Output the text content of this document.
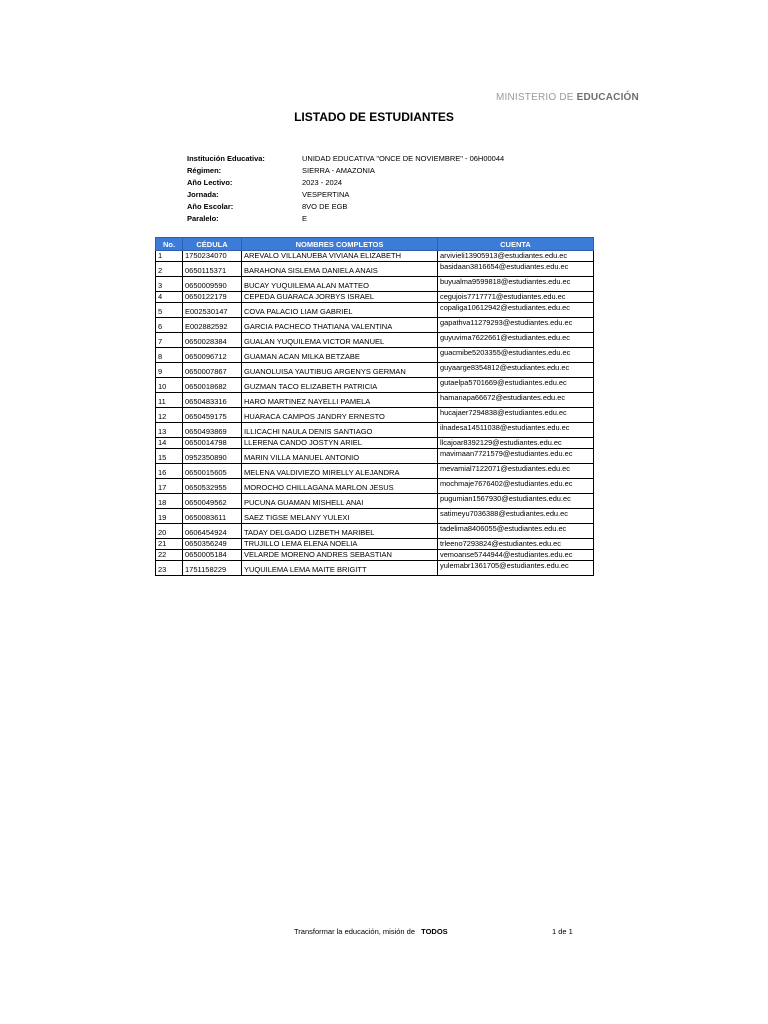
MINISTERIO DE EDUCACIÓN
LISTADO DE ESTUDIANTES
Institución Educativa:	UNIDAD EDUCATIVA "ONCE DE NOVIEMBRE" - 06H00044
Régimen:	SIERRA - AMAZONIA
Año Lectivo:	2023 - 2024
Jornada:	VESPERTINA
Año Escolar:	8VO DE EGB
Paralelo:	E
No.	CÉDULA	NOMBRES COMPLETOS	CUENTA
1	1750234070	AREVALO VILLANUEBA VIVIANA ELIZABETH	arvivieli13905913@estudiantes.edu.ec
2	0650115371	BARAHONA SISLEMA DANIELA ANAIS	basidaan3816654@estudiantes.edu.ec
3	0650009590	BUCAY YUQUILEMA ALAN MATTEO	buyualma9599818@estudiantes.edu.ec
4	0650122179	CEPEDA GUARACA JORBYS ISRAEL	cegujois7717771@estudiantes.edu.ec
5	E002530147	COVA PALACIO LIAM GABRIEL	copaliga10612942@estudiantes.edu.ec
6	E002882592	GARCIA PACHECO THATIANA VALENTINA	gapathva11279293@estudiantes.edu.ec
7	0650028384	GUALAN YUQUILEMA VICTOR MANUEL	guyuvima7622661@estudiantes.edu.ec
8	0650096712	GUAMAN ACAN MILKA BETZABE	guacmibe5203355@estudiantes.edu.ec
9	0650007867	GUANOLUISA YAUTIBUG ARGENYS GERMAN	guyaarge8354812@estudiantes.edu.ec
10	0650018682	GUZMAN TACO ELIZABETH PATRICIA	gutaelpa5701669@estudiantes.edu.ec
11	0650483316	HARO MARTINEZ NAYELLI PAMELA	hamanapa66672@estudiantes.edu.ec
12	0650459175	HUARACA CAMPOS JANDRY ERNESTO	hucajaer7294838@estudiantes.edu.ec
13	0650493869	ILLICACHI NAULA DENIS SANTIAGO	ilnadesa14511038@estudiantes.edu.ec
14	0650014798	LLERENA CANDO JOSTYN ARIEL	llcajoar8392129@estudiantes.edu.ec
15	0952350890	MARIN VILLA MANUEL ANTONIO	mavimaan7721579@estudiantes.edu.ec
16	0650015605	MELENA VALDIVIEZO MIRELLY ALEJANDRA	mevamial7122071@estudiantes.edu.ec
17	0650532955	MOROCHO CHILLAGANA MARLON JESUS	mochmaje7676402@estudiantes.edu.ec
18	0650049562	PUCUNA GUAMAN MISHELL ANAI	pugumian1567930@estudiantes.edu.ec
19	0650083611	SAEZ TIGSE MELANY YULEXI	satimeyu7036388@estudiantes.edu.ec
20	0606454924	TADAY DELGADO LIZBETH MARIBEL	tadelima8406055@estudiantes.edu.ec
21	0650356249	TRUJILLO LEMA ELENA NOELIA	trleeno7293824@estudiantes.edu.ec
22	0650005184	VELARDE MORENO ANDRES SEBASTIAN	vemoanse5744944@estudiantes.edu.ec
23	1751158229	YUQUILEMA LEMA MAITE BRIGITT	yulemabr1361705@estudiantes.edu.ec
Transformar la educación, misión de TODOS	1 de 1
